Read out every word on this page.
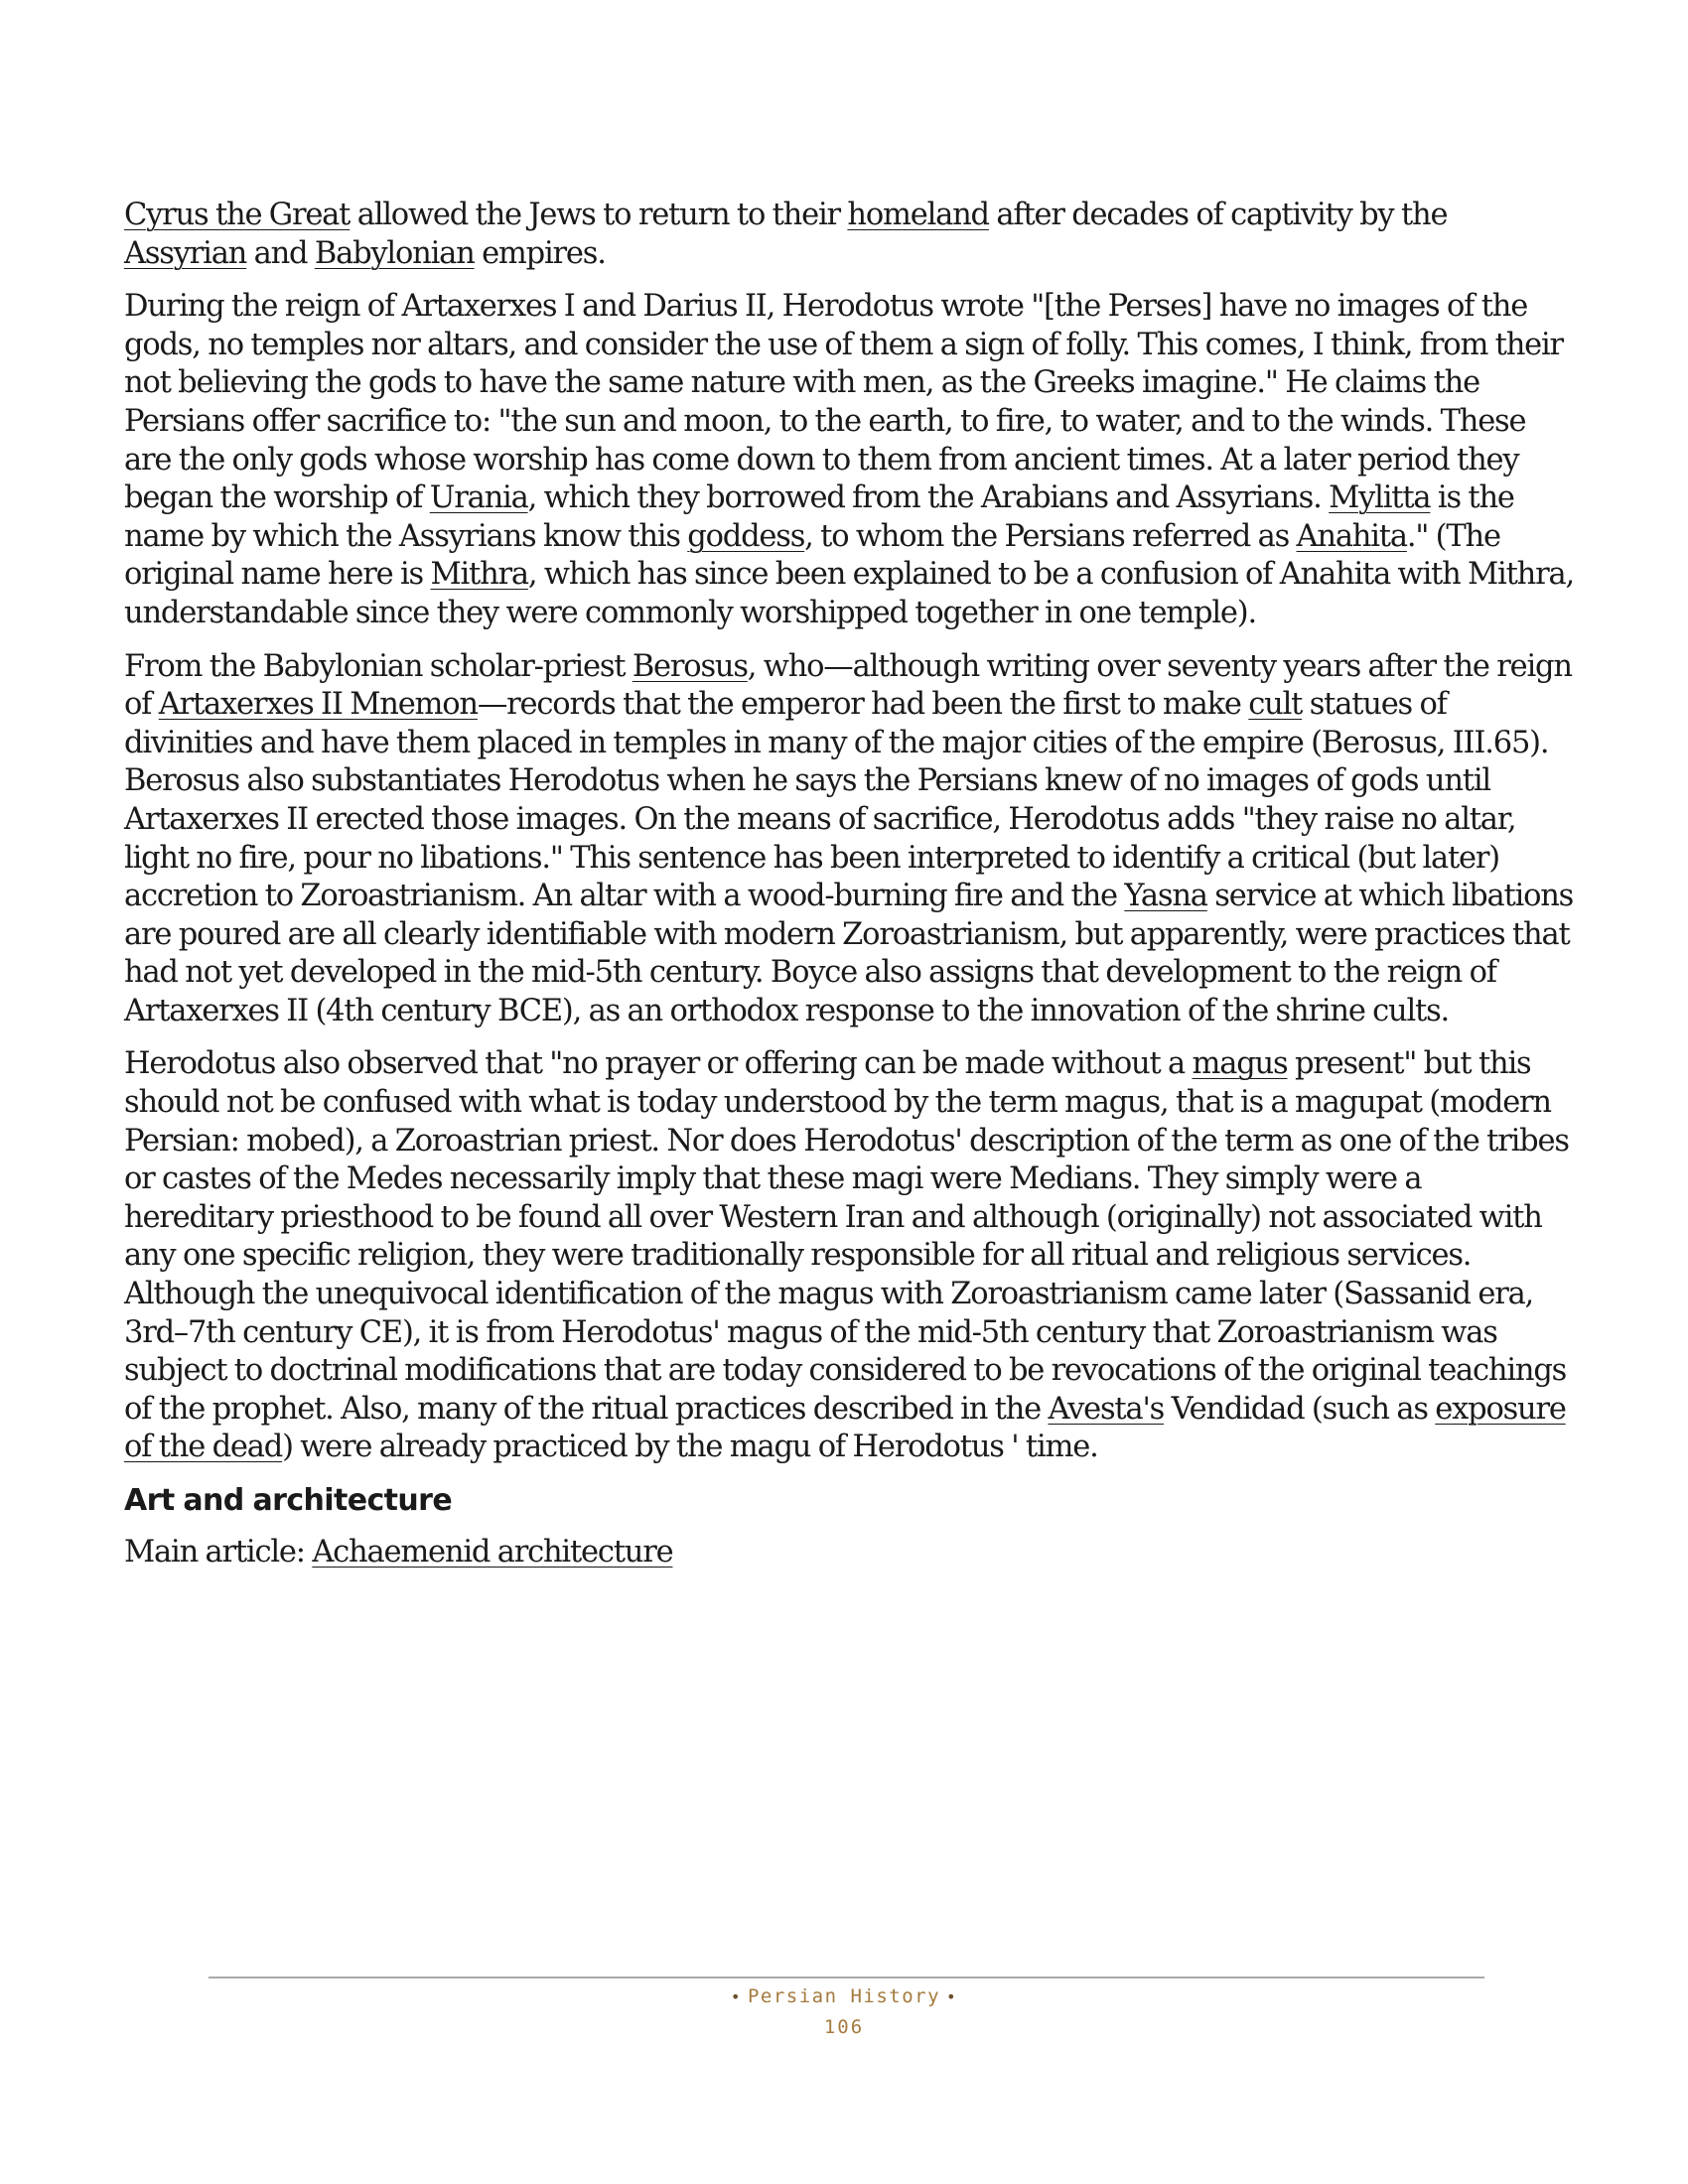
Cyrus the Great allowed the Jews to return to their homeland after decades of captivity by the Assyrian and Babylonian empires.

During the reign of Artaxerxes I and Darius II, Herodotus wrote "[the Perses] have no images of the gods, no temples nor altars, and consider the use of them a sign of folly. This comes, I think, from their not believing the gods to have the same nature with men, as the Greeks imagine." He claims the Persians offer sacrifice to: "the sun and moon, to the earth, to fire, to water, and to the winds. These are the only gods whose worship has come down to them from ancient times. At a later period they began the worship of Urania, which they borrowed from the Arabians and Assyrians. Mylitta is the name by which the Assyrians know this goddess, to whom the Persians referred as Anahita." (The original name here is Mithra, which has since been explained to be a confusion of Anahita with Mithra, understandable since they were commonly worshipped together in one temple).

From the Babylonian scholar-priest Berosus, who—although writing over seventy years after the reign of Artaxerxes II Mnemon—records that the emperor had been the first to make cult statues of divinities and have them placed in temples in many of the major cities of the empire (Berosus, III.65). Berosus also substantiates Herodotus when he says the Persians knew of no images of gods until Artaxerxes II erected those images. On the means of sacrifice, Herodotus adds "they raise no altar, light no fire, pour no libations." This sentence has been interpreted to identify a critical (but later) accretion to Zoroastrianism. An altar with a wood-burning fire and the Yasna service at which libations are poured are all clearly identifiable with modern Zoroastrianism, but apparently, were practices that had not yet developed in the mid-5th century. Boyce also assigns that development to the reign of Artaxerxes II (4th century BCE), as an orthodox response to the innovation of the shrine cults.

Herodotus also observed that "no prayer or offering can be made without a magus present" but this should not be confused with what is today understood by the term magus, that is a magupat (modern Persian: mobed), a Zoroastrian priest. Nor does Herodotus' description of the term as one of the tribes or castes of the Medes necessarily imply that these magi were Medians. They simply were a hereditary priesthood to be found all over Western Iran and although (originally) not associated with any one specific religion, they were traditionally responsible for all ritual and religious services. Although the unequivocal identification of the magus with Zoroastrianism came later (Sassanid era, 3rd–7th century CE), it is from Herodotus' magus of the mid-5th century that Zoroastrianism was subject to doctrinal modifications that are today considered to be revocations of the original teachings of the prophet. Also, many of the ritual practices described in the Avesta's Vendidad (such as exposure of the dead) were already practiced by the magu of Herodotus ' time.

Art and architecture

Main article: Achaemenid architecture

• Persian History •
106
